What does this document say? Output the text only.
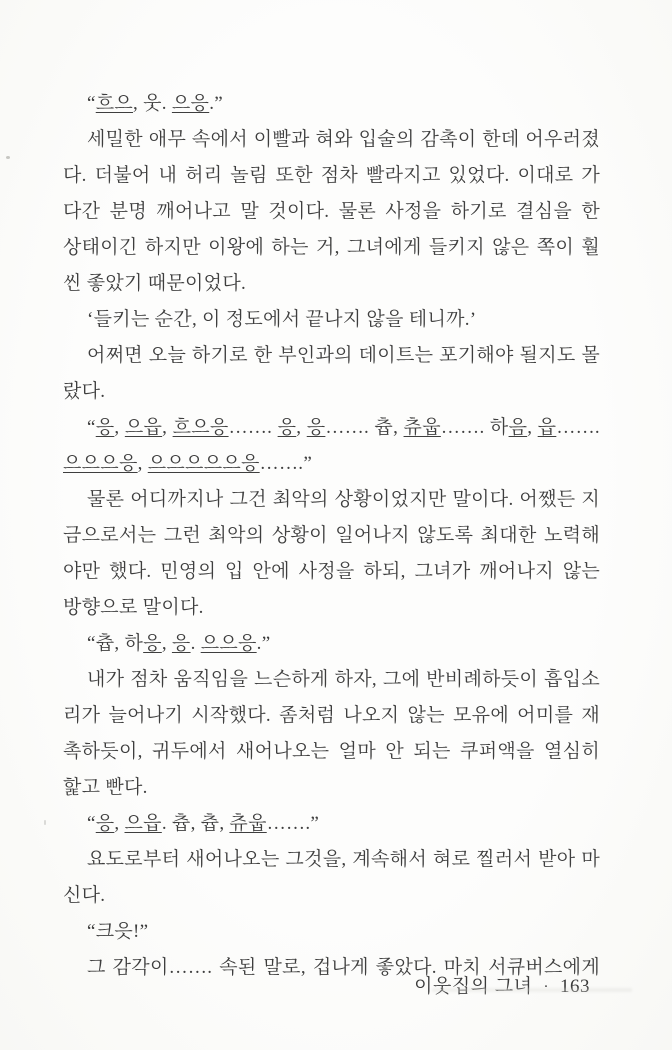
“흐으, 웃. 으응.”
세밀한 애무 속에서 이빨과 혀와 입술의 감촉이 한데 어우러졌
다. 더불어 내 허리 놀림 또한 점차 빨라지고 있었다. 이대로 가
다간 분명 깨어나고 말 것이다. 물론 사정을 하기로 결심을 한
상태이긴 하지만 이왕에 하는 거, 그녀에게 들키지 않은 쪽이 훨
씬 좋았기 때문이었다.
‘들키는 순간, 이 정도에서 끝나지 않을 테니까.’
어쩌면 오늘 하기로 한 부인과의 데이트는 포기해야 될지도 몰
랐다.
“응, 으읍, 흐으응……. 응, 응……. 츕, 츄웁……. 하음, 읍…….
으으으응, 으으으으으응…….”
물론 어디까지나 그건 최악의 상황이었지만 말이다. 어쨌든 지
금으로서는 그런 최악의 상황이 일어나지 않도록 최대한 노력해
야만 했다. 민영의 입 안에 사정을 하되, 그녀가 깨어나지 않는
방향으로 말이다.
“츕, 하응, 응. 으으응.”
내가 점차 움직임을 느슨하게 하자, 그에 반비례하듯이 흡입소
리가 늘어나기 시작했다. 좀처럼 나오지 않는 모유에 어미를 재
촉하듯이, 귀두에서 새어나오는 얼마 안 되는 쿠퍼액을 열심히
핥고 빤다.
“응, 으읍. 츕, 츕, 츄웁…….”
요도로부터 새어나오는 그것을, 계속해서 혀로 찔러서 받아 마
신다.
“크읏!”
그 감각이……. 속된 말로, 겁나게 좋았다. 마치 서큐버스에게
이웃집의 그녀 · 163
